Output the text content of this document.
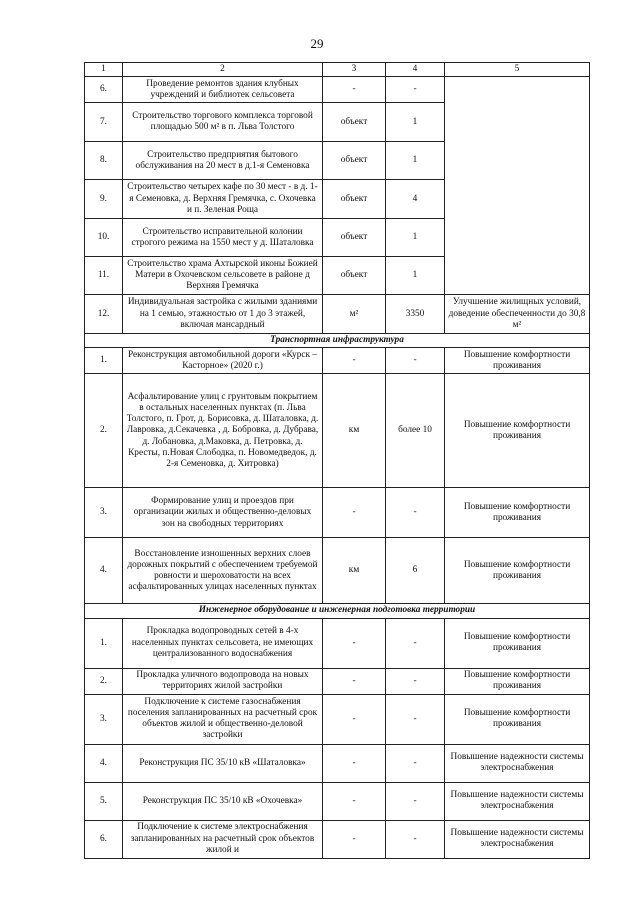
29
1	2	3	4	5
6.	Проведение ремонтов здания клубных учреждений и библиотек сельсовета	-	-	
7.	Строительство торгового комплекса торговой площадью 500 м² в п. Льва Толстого	объект	1	
8.	Строительство предприятия бытового обслуживания на 20 мест в д.1-я Семеновка	объект	1	
9.	Строительство четырех кафе по 30 мест - в д. 1-я Семеновка, д. Верхняя Гремячка, с. Охочевка и п. Зеленая Роща	объект	4	
10.	Строительство исправительной колонии строгого режима на 1550 мест у д. Шаталовка	объект	1	
11.	Строительство храма Ахтырской иконы Божией Матери в Охочевском сельсовете в районе д Верхняя Гремячка	объект	1	
12.	Индивидуальная застройка с жилыми зданиями на 1 семью, этажностью от 1 до 3 этажей, включая мансардный	м²	3350	Улучшение жилищных условий, доведение обеспеченности до 30,8 м²
Транспортная инфраструктура				
1.	Реконструкция автомобильной дороги «Курск – Касторное» (2020 г.)	-	-	Повышение комфортности проживания
2.	Асфальтирование улиц с грунтовым покрытием в остальных населенных пунктах (п. Льва Толстого, п. Грот, д. Борисовка, д. Шаталовка, д. Лавровка, д.Секачевка , д. Бобровка, д. Дубрава, д. Лобановка, д.Маковка, д. Петровка, д. Кресты, п.Новая Слободка, п. Новомедведок, д. 2-я Семеновка, д. Хитровка)	км	более 10	Повышение комфортности проживания
3.	Формирование улиц и проездов при организации жилых и общественно-деловых зон на свободных территориях	-	-	Повышение комфортности проживания
4.	Восстановление изношенных верхних слоев дорожных покрытий с обеспечением требуемой ровности и шероховатости на всех асфальтированных улицах населенных пунктах	км	6	Повышение комфортности проживания
Инженерное оборудование и инженерная подготовка территории				
1.	Прокладка водопроводных сетей в 4-х населенных пунктах сельсовета, не имеющих централизованного водоснабжения	-	-	Повышение комфортности проживания
2.	Прокладка уличного водопровода на новых территориях жилой застройки	-	-	Повышение комфортности проживания
3.	Подключение к системе газоснабжения поселения запланированных на расчетный срок объектов жилой и общественно-деловой застройки	-	-	Повышение комфортности проживания
4.	Реконструкция ПС 35/10 кВ «Шаталовка»	-	-	Повышение надежности системы электроснабжения
5.	Реконструкция ПС 35/10 кВ «Охочевка»	-	-	Повышение надежности системы электроснабжения
6.	Подключение к системе электроснабжения запланированных на расчетный срок объектов жилой и	-	-	Повышение надежности системы электроснабжения
